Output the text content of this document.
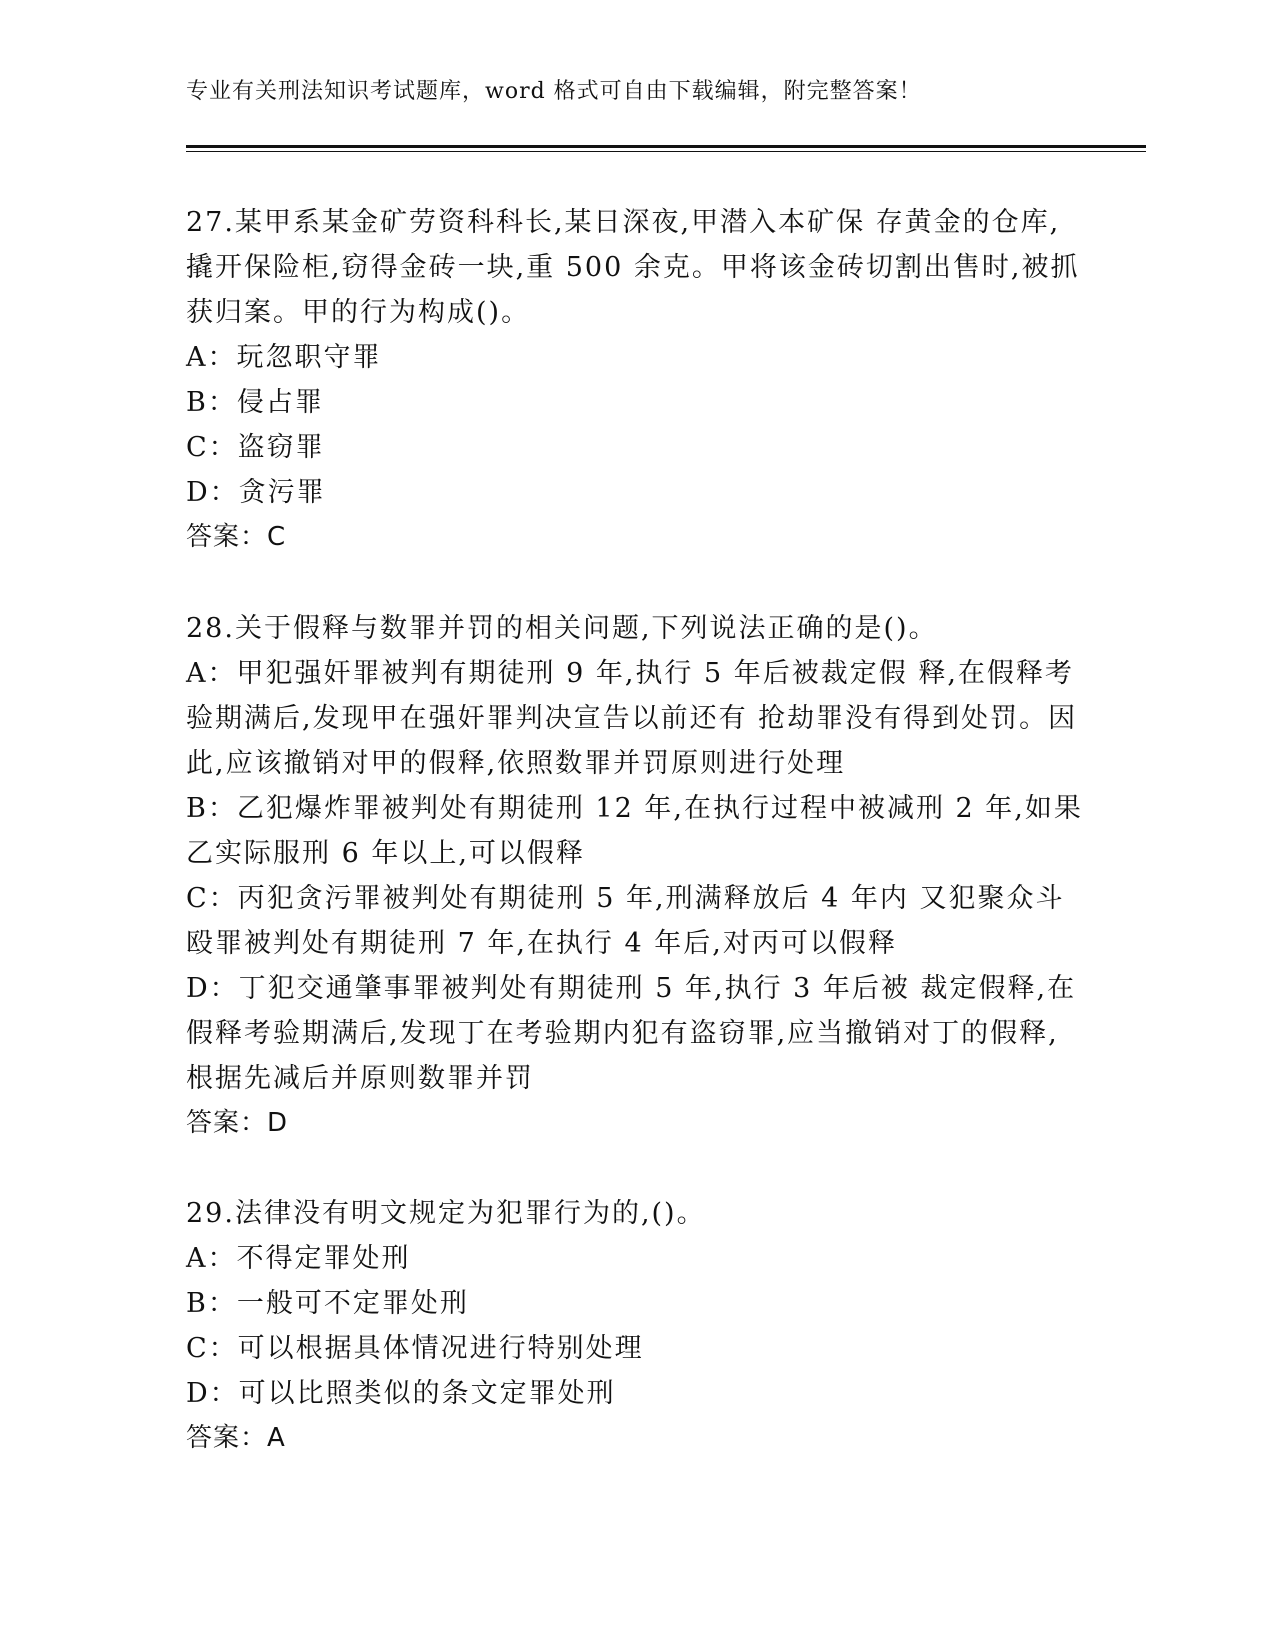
专业有关刑法知识考试题库，word 格式可自由下载编辑，附完整答案！

27.某甲系某金矿劳资科科长,某日深夜,甲潜入本矿保 存黄金的仓库,撬开保险柜,窃得金砖一块,重 500 余克。甲将该金砖切割出售时,被抓获归案。甲的行为构成()。

A：玩忽职守罪

B：侵占罪

C：盗窃罪

D：贪污罪

答案：C

28.关于假释与数罪并罚的相关问题,下列说法正确的是()。

A：甲犯强奸罪被判有期徒刑 9 年,执行 5 年后被裁定假 释,在假释考验期满后,发现甲在强奸罪判决宣告以前还有 抢劫罪没有得到处罚。因此,应该撤销对甲的假释,依照数罪并罚原则进行处理

B：乙犯爆炸罪被判处有期徒刑 12 年,在执行过程中被减刑 2 年,如果乙实际服刑 6 年以上,可以假释

C：丙犯贪污罪被判处有期徒刑 5 年,刑满释放后 4 年内 又犯聚众斗殴罪被判处有期徒刑 7 年,在执行 4 年后,对丙可以假释

D：丁犯交通肇事罪被判处有期徒刑 5 年,执行 3 年后被 裁定假释,在假释考验期满后,发现丁在考验期内犯有盗窃罪,应当撤销对丁的假释,根据先减后并原则数罪并罚

答案：D

29.法律没有明文规定为犯罪行为的,()。

A：不得定罪处刑

B：一般可不定罪处刑

C：可以根据具体情况进行特别处理

D：可以比照类似的条文定罪处刑

答案：A
